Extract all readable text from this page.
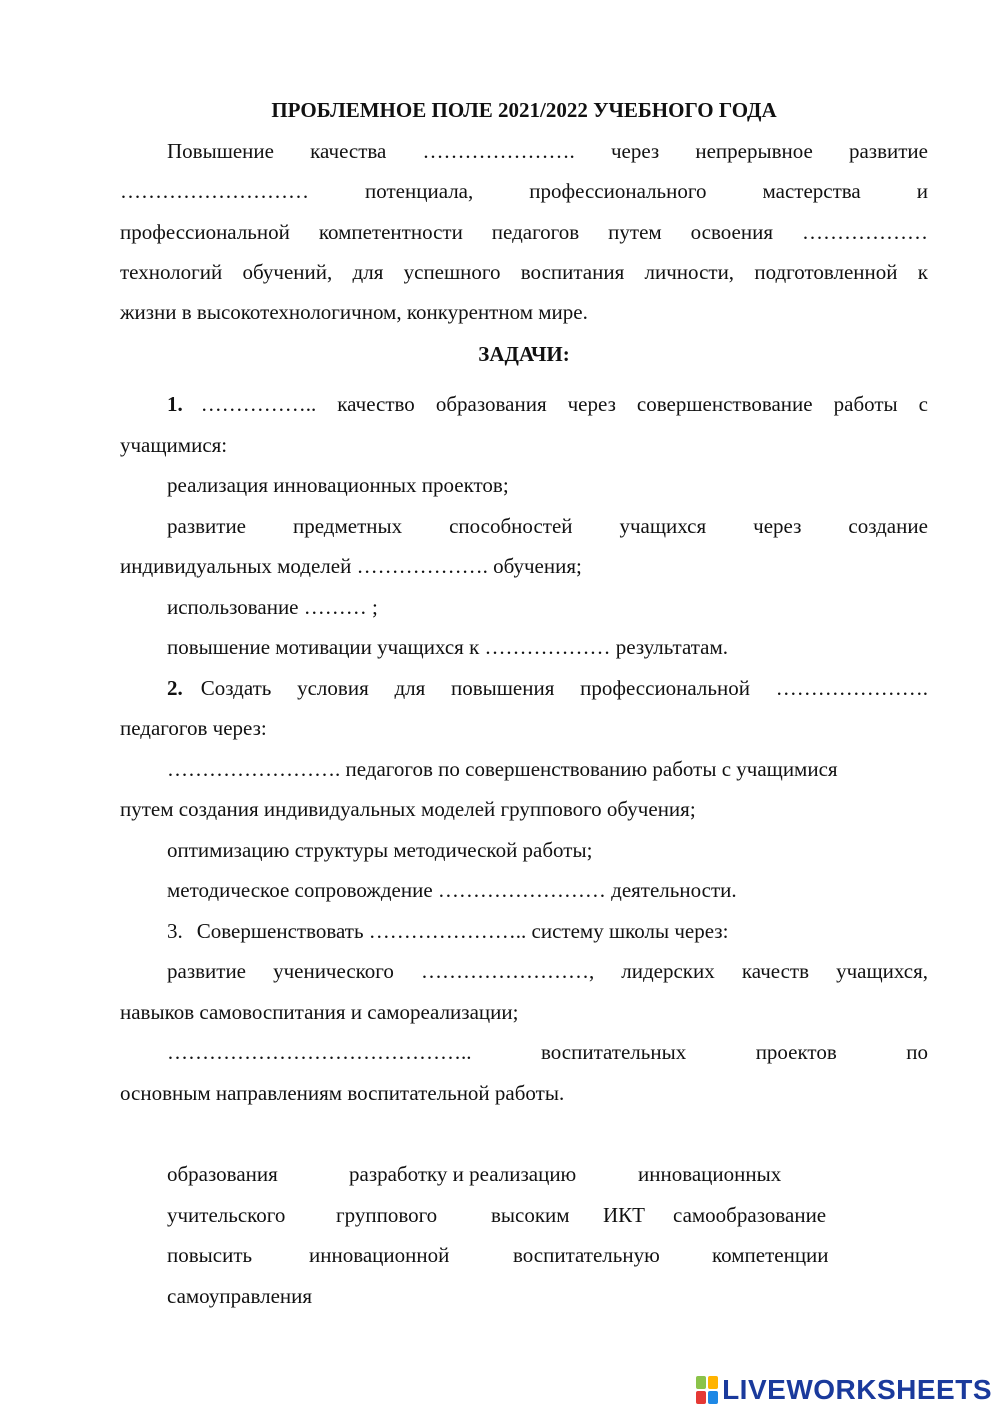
ПРОБЛЕМНОЕ ПОЛЕ 2021/2022 УЧЕБНОГО ГОДА
Повышение качества …………………. через непрерывное развитие
………………………	потенциала,	профессионального	мастерства	и
профессиональной компетентности педагогов путем освоения ………………
технологий обучений, для успешного воспитания личности, подготовленной к
жизни в высокотехнологичном, конкурентном мире.
ЗАДАЧИ:
1. …………….. качество образования через совершенствование работы с
учащимися:
реализация инновационных проектов;
развитие предметных способностей учащихся через создание
индивидуальных моделей ………………. обучения;
использование ……… ;
повышение мотивации учащихся к ……………… результатам.
2. Создать условия для повышения профессиональной ………………….
педагогов через:
……………………. педагогов по совершенствованию работы с учащимися
путем создания индивидуальных моделей группового обучения;
оптимизацию структуры методической работы;
методическое сопровождение …………………… деятельности.
3. Совершенствовать ………………….. систему школы через:
развитие ученического ……………………, лидерских качеств учащихся,
навыков самовоспитания и самореализации;
……………………………………..	воспитательных	проектов	по
основным направлениям воспитательной работы.
образования	разработку и реализацию	инновационных
учительского группового	высоким ИКТ самообразование
повысить	инновационной	воспитательную компетенции
самоуправления
LIVEWORKSHEETS
